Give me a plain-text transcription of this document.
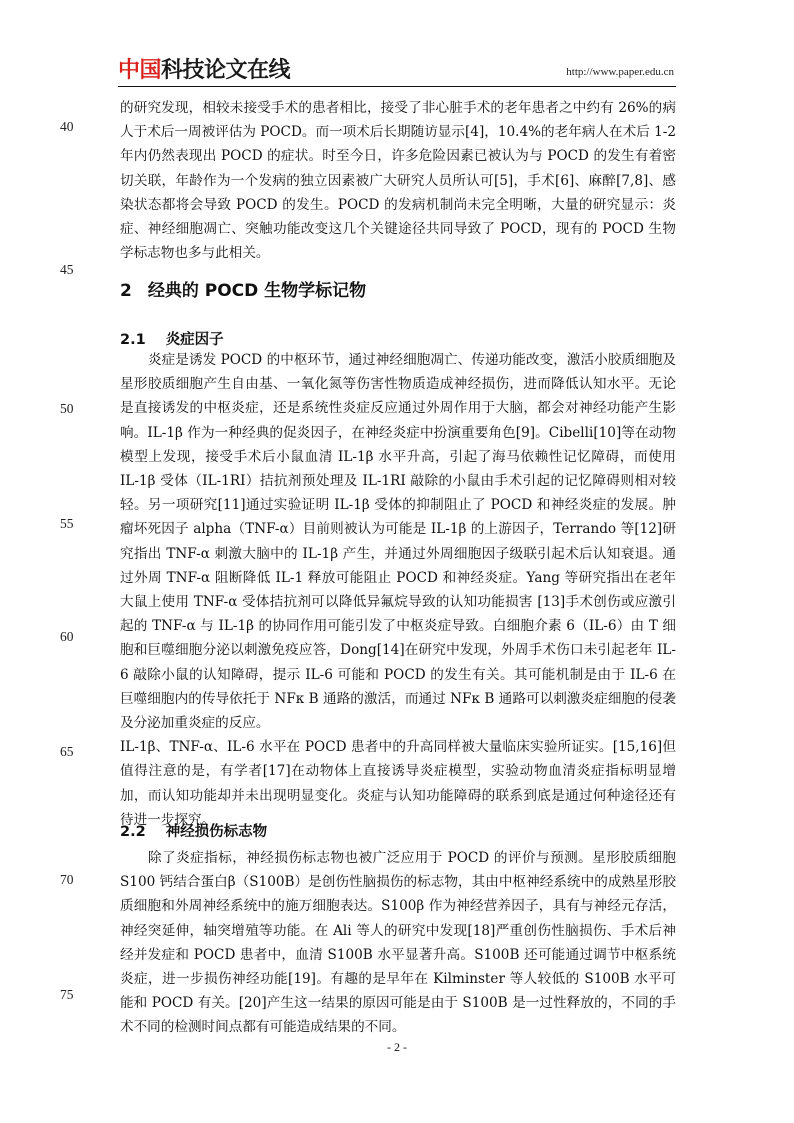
中国科技论文在线	http://www.paper.edu.cn
40
45
50
55
60
65
70
75

的研究发现，相较未接受手术的患者相比，接受了非心脏手术的老年患者之中约有 26%的病人于术后一周被评估为 POCD。而一项术后长期随访显示[4]，10.4%的老年病人在术后 1-2 年内仍然表现出 POCD 的症状。时至今日，许多危险因素已被认为与 POCD 的发生有着密切关联，年龄作为一个发病的独立因素被广大研究人员所认可[5]，手术[6]、麻醉[7,8]、感染状态都将会导致 POCD 的发生。POCD 的发病机制尚未完全明晰，大量的研究显示：炎症、神经细胞凋亡、突触功能改变这几个关键途径共同导致了 POCD，现有的 POCD 生物学标志物也多与此相关。

2 经典的 POCD 生物学标记物
2.1 炎症因子

炎症是诱发 POCD 的中枢环节，通过神经细胞凋亡、传递功能改变，激活小胶质细胞及星形胶质细胞产生自由基、一氧化氮等伤害性物质造成神经损伤，进而降低认知水平。无论是直接诱发的中枢炎症，还是系统性炎症反应通过外周作用于大脑，都会对神经功能产生影响。IL-1β 作为一种经典的促炎因子，在神经炎症中扮演重要角色[9]。Cibelli[10]等在动物模型上发现，接受手术后小鼠血清 IL-1β 水平升高，引起了海马依赖性记忆障碍，而使用 IL-1β 受体（IL-1RI）拮抗剂预处理及 IL-1RI 敲除的小鼠由手术引起的记忆障碍则相对较轻。另一项研究[11]通过实验证明 IL-1β 受体的抑制阻止了 POCD 和神经炎症的发展。肿瘤坏死因子 alpha（TNF-α）目前则被认为可能是 IL-1β 的上游因子，Terrando 等[12]研究指出 TNF-α 刺激大脑中的 IL-1β 产生，并通过外周细胞因子级联引起术后认知衰退。通过外周 TNF-α 阻断降低 IL-1 释放可能阻止 POCD 和神经炎症。Yang 等研究指出在老年大鼠上使用 TNF-α 受体拮抗剂可以降低异氟烷导致的认知功能损害 [13]手术创伤或应激引起的 TNF-α 与 IL-1β 的协同作用可能引发了中枢炎症导致。白细胞介素 6（IL-6）由 T 细胞和巨噬细胞分泌以刺激免疫应答，Dong[14]在研究中发现，外周手术伤口未引起老年 IL-6 敲除小鼠的认知障碍，提示 IL-6 可能和 POCD 的发生有关。其可能机制是由于 IL-6 在巨噬细胞内的传导依托于 NFκ B 通路的激活，而通过 NFκ B 通路可以刺激炎症细胞的侵袭及分泌加重炎症的反应。

IL-1β、TNF-α、IL-6 水平在 POCD 患者中的升高同样被大量临床实验所证实。[15,16]但值得注意的是，有学者[17]在动物体上直接诱导炎症模型，实验动物血清炎症指标明显增加，而认知功能却并未出现明显变化。炎症与认知功能障碍的联系到底是通过何种途径还有待进一步探究。

2.2 神经损伤标志物

除了炎症指标，神经损伤标志物也被广泛应用于 POCD 的评价与预测。星形胶质细胞 S100 钙结合蛋白β（S100B）是创伤性脑损伤的标志物，其由中枢神经系统中的成熟星形胶质细胞和外周神经系统中的施万细胞表达。S100β 作为神经营养因子，具有与神经元存活，神经突延伸，轴突增殖等功能。在 Ali 等人的研究中发现[18]严重创伤性脑损伤、手术后神经并发症和 POCD 患者中，血清 S100B 水平显著升高。S100B 还可能通过调节中枢系统炎症，进一步损伤神经功能[19]。有趣的是早年在 Kilminster 等人较低的 S100B 水平可能和 POCD 有关。[20]产生这一结果的原因可能是由于 S100B 是一过性释放的，不同的手术不同的检测时间点都有可能造成结果的不同。

- 2 -
